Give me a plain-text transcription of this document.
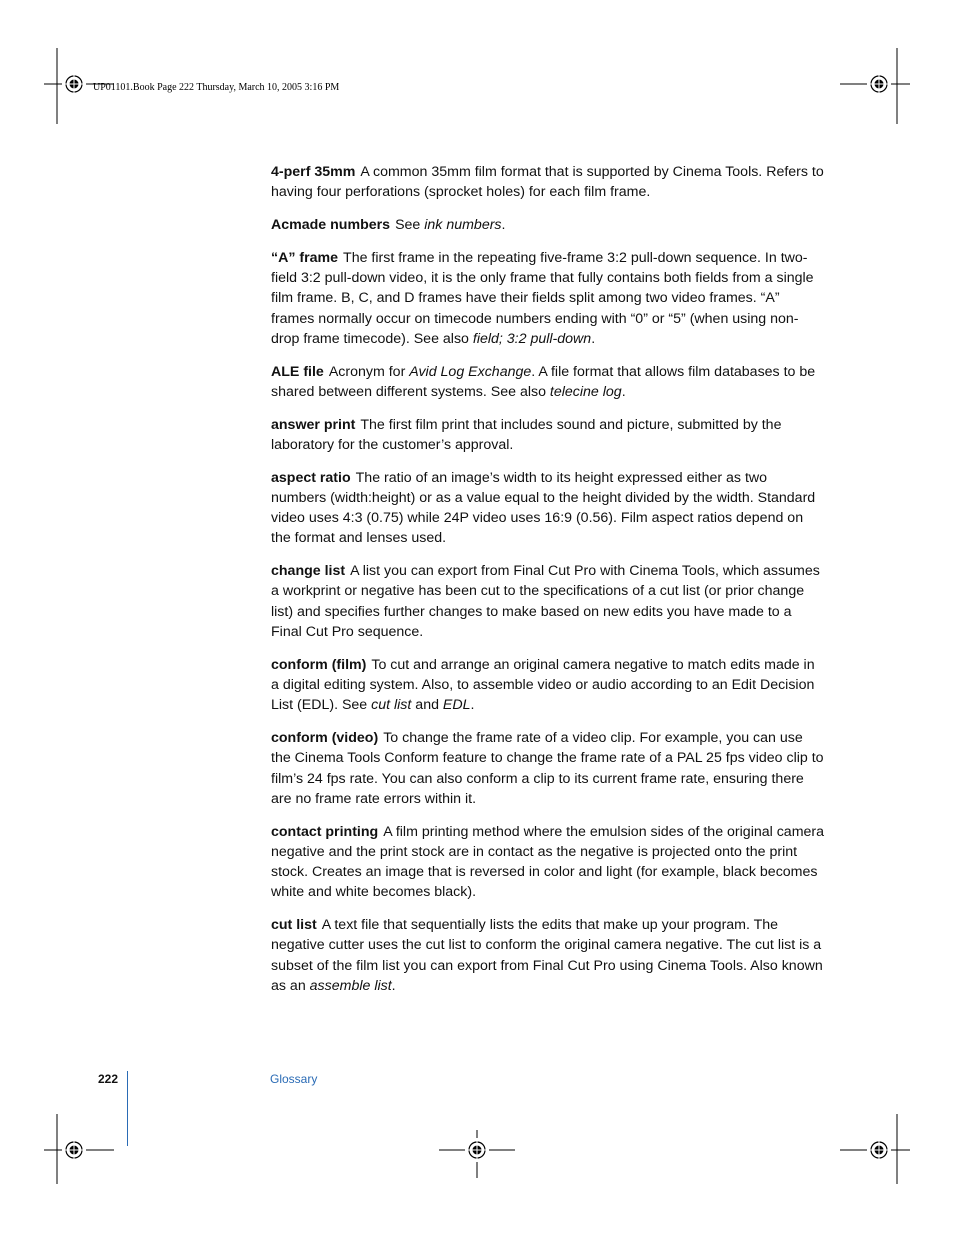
UP01101.Book Page 222 Thursday, March 10, 2005 3:16 PM

4-perf 35mm A common 35mm film format that is supported by Cinema Tools. Refers to having four perforations (sprocket holes) for each film frame.

Acmade numbers See ink numbers.

“A” frame The first frame in the repeating five-frame 3:2 pull-down sequence. In two-field 3:2 pull-down video, it is the only frame that fully contains both fields from a single film frame. B, C, and D frames have their fields split among two video frames. “A” frames normally occur on timecode numbers ending with “0” or “5” (when using non-drop frame timecode). See also field; 3:2 pull-down.

ALE file Acronym for Avid Log Exchange. A file format that allows film databases to be shared between different systems. See also telecine log.

answer print The first film print that includes sound and picture, submitted by the laboratory for the customer’s approval.

aspect ratio The ratio of an image’s width to its height expressed either as two numbers (width:height) or as a value equal to the height divided by the width. Standard video uses 4:3 (0.75) while 24P video uses 16:9 (0.56). Film aspect ratios depend on the format and lenses used.

change list A list you can export from Final Cut Pro with Cinema Tools, which assumes a workprint or negative has been cut to the specifications of a cut list (or prior change list) and specifies further changes to make based on new edits you have made to a Final Cut Pro sequence.

conform (film) To cut and arrange an original camera negative to match edits made in a digital editing system. Also, to assemble video or audio according to an Edit Decision List (EDL). See cut list and EDL.

conform (video) To change the frame rate of a video clip. For example, you can use the Cinema Tools Conform feature to change the frame rate of a PAL 25 fps video clip to film’s 24 fps rate. You can also conform a clip to its current frame rate, ensuring there are no frame rate errors within it.

contact printing A film printing method where the emulsion sides of the original camera negative and the print stock are in contact as the negative is projected onto the print stock. Creates an image that is reversed in color and light (for example, black becomes white and white becomes black).

cut list A text file that sequentially lists the edits that make up your program. The negative cutter uses the cut list to conform the original camera negative. The cut list is a subset of the film list you can export from Final Cut Pro using Cinema Tools. Also known as an assemble list.

222	Glossary
